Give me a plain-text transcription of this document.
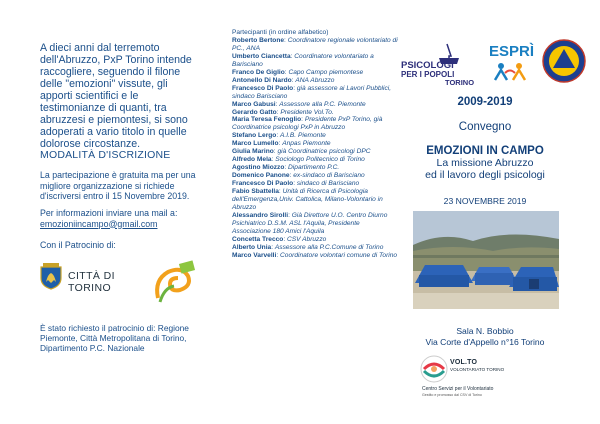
A dieci anni dal terremoto dell'Abruzzo, PxP Torino intende raccogliere, seguendo il filone delle "emozioni" vissute, gli apporti scientifici e le testimonianze di quanti, tra abruzzesi e piemontesi, si sono adoperati a vario titolo in quelle dolorose circostanze.
MODALITÀ D'ISCRIZIONE
La partecipazione è gratuita ma per una migliore organizzazione si richiede d'iscriversi entro il 15 Novembre 2019.
Per informazioni inviare una mail a:
emozioniincampo@gmail.com
Con il Patrocinio di:
CITTÀ DI TORINO
È stato richiesto il patrocinio di: Regione Piemonte, Città Metropolitana di Torino, Dipartimento P.C. Nazionale
Partecipanti (in ordine alfabetico)
Roberto Bertone: Coordinatore regionale volontariato di PC., ANA
Umberto Ciancetta: Coordinatore volontariato a Barisciano
Franco De Giglio: Capo Campo piemontese
Antonello Di Nardo: ANA Abruzzo
Francesco Di Paolo: già assessore ai Lavori Pubblici, sindaco Barisciano
Marco Gabusi: Assessore alla P.C. Piemonte
Gerardo Gatto: Presidente Vol.To.
Maria Teresa Fenoglio: Presidente PxP Torino, già Coordinatrice psicologi PxP in Abruzzo
Stefano Lergo: A.I.B. Piemonte
Marco Lumello: Anpas Piemonte
Giulia Marino: già Coordinatrice psicologi DPC
Alfredo Mela: Sociologo Politecnico di Torino
Agostino Miozzo: Dipartimento P.C.
Domenico Panone: ex-sindaco di Barisciano
Francesco Di Paolo: sindaco di Barisciano
Fabio Sbattella: Unità di Ricerca di Psicologia dell'Emergenza,Univ. Cattolica, Milano-Volontario in Abruzzo
Alessandro Sirolli: Già Direttore U.O. Centro Diurno Psichiatrico D.S.M. ASL l'Aquila, Presidente Associazione 180 Amici l'Aquila
Concetta Trecco: CSV Abruzzo
Alberto Unia: Assessore alla P.C.Comune di Torino
Marco Varvelli: Coordinatore volontari comune di Torino
PSICOLOGI
PER I POPOLI
TORINO
ESPRÌ
2009-2019
Convegno
EMOZIONI IN CAMPO
La missione Abruzzo
ed il lavoro degli psicologi
23 NOVEMBRE 2019
Sala N. Bobbio
Via Corte d'Appello n°16 Torino
VOL.TO
VOLONTARIATO TORINO
Centro Servizi per il Volontariato
Gestito e promosso dal CSV di Torino
